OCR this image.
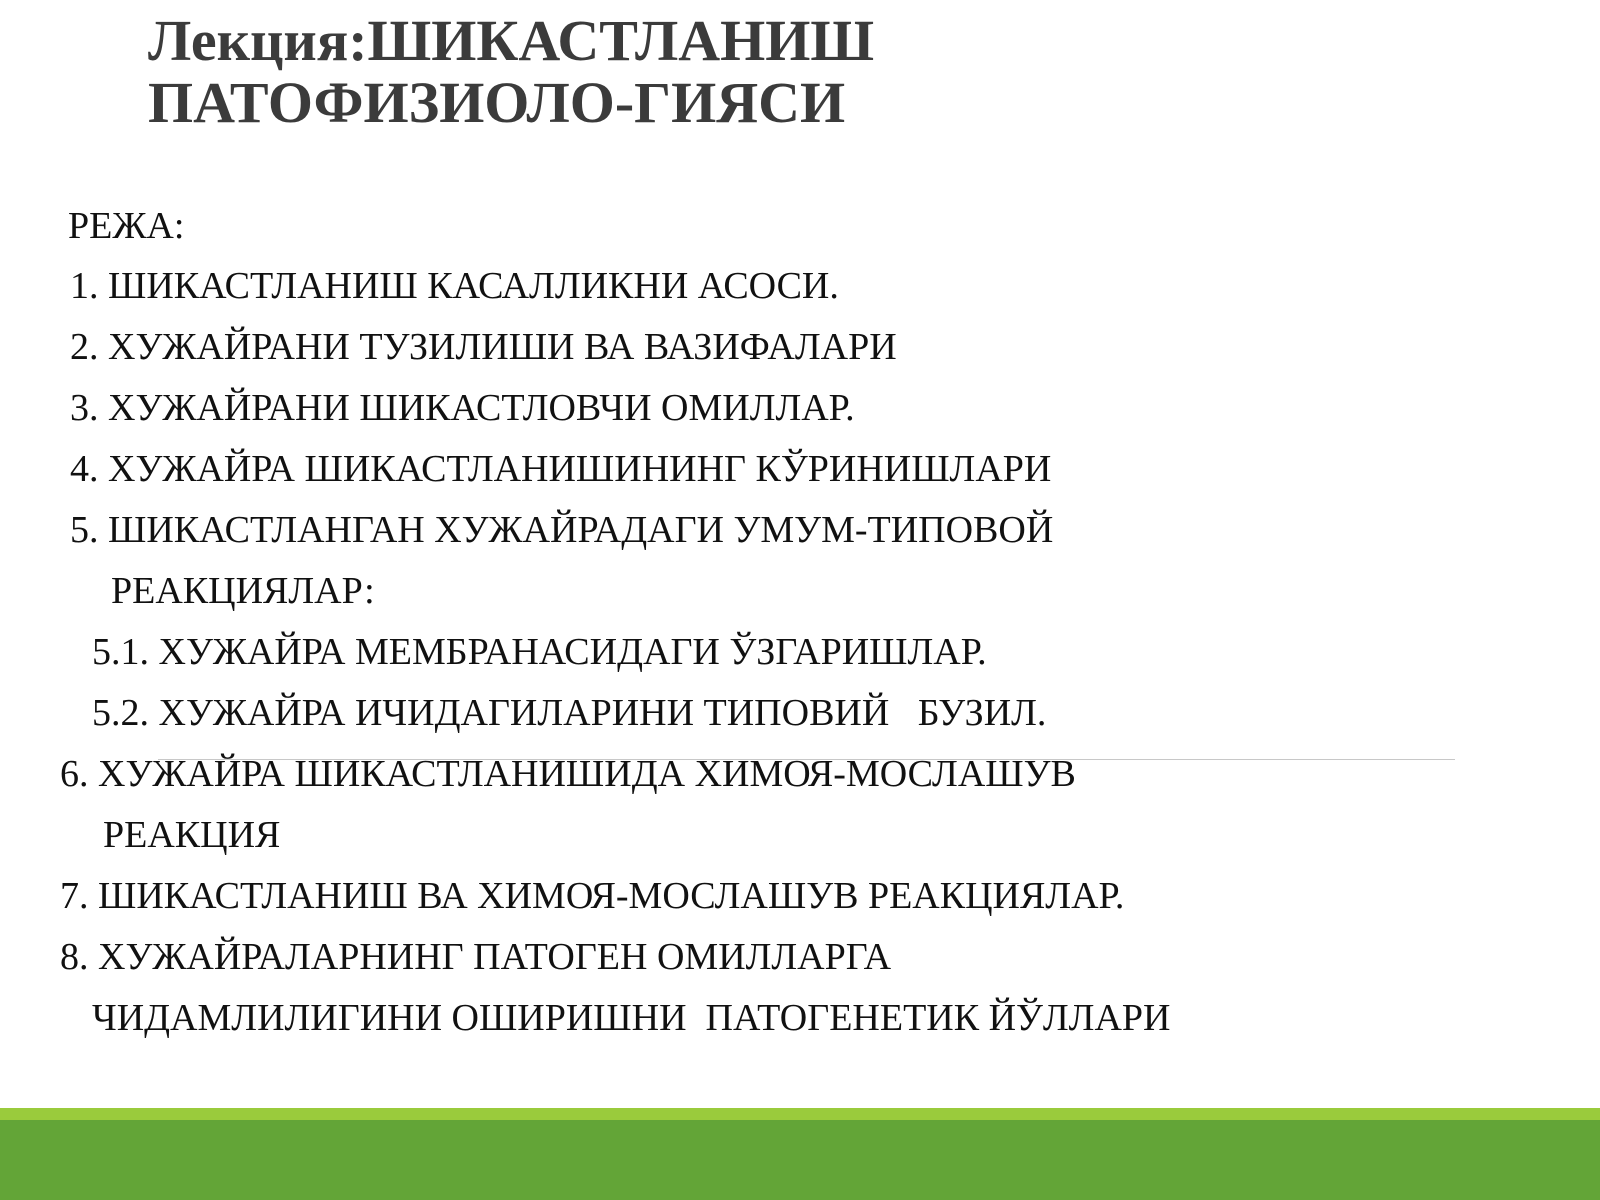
Лекция:ШИКАСТЛАНИШ
ПАТОФИЗИОЛО-ГИЯСИ
РЕЖА:
1. ШИКАСТЛАНИШ КАСАЛЛИКНИ АСОСИ.
2. ХУЖАЙРАНИ ТУЗИЛИШИ ВА ВАЗИФАЛАРИ
3. ХУЖАЙРАНИ ШИКАСТЛОВЧИ ОМИЛЛАР.
4. ХУЖАЙРА ШИКАСТЛАНИШИНИНГ КЎРИНИШЛАРИ
5. ШИКАСТЛАНГАН ХУЖАЙРАДАГИ УМУМ-ТИПОВОЙ
РЕАКЦИЯЛАР:
5.1. ХУЖАЙРА МЕМБРАНАСИДАГИ ЎЗГАРИШЛАР.
5.2. ХУЖАЙРА ИЧИДАГИЛАРИНИ ТИПОВИЙ   БУЗИЛ.
6. ХУЖАЙРА ШИКАСТЛАНИШИДА ХИМОЯ-МОСЛАШУВ
РЕАКЦИЯ
7. ШИКАСТЛАНИШ ВА ХИМОЯ-МОСЛАШУВ РЕАКЦИЯЛАР.
8. ХУЖАЙРАЛАРНИНГ ПАТОГЕН ОМИЛЛАРГА
ЧИДАМЛИЛИГИНИ ОШИРИШНИ  ПАТОГЕНЕТИК ЙЎЛЛАРИ
